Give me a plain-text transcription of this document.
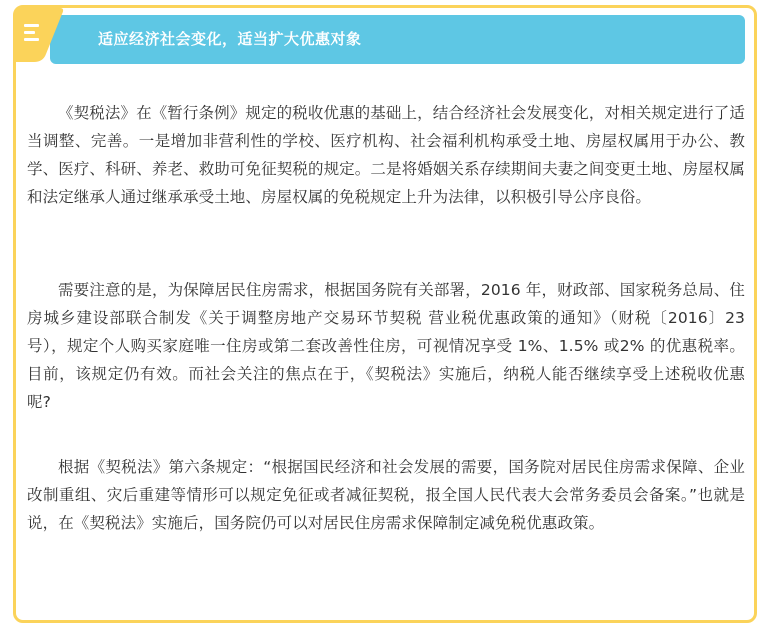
适应经济社会变化，适当扩大优惠对象

《契税法》在《暂行条例》规定的税收优惠的基础上，结合经济社会发展变化，对相关规定进行了适当调整、完善。一是增加非营利性的学校、医疗机构、社会福利机构承受土地、房屋权属用于办公、教学、医疗、科研、养老、救助可免征契税的规定。二是将婚姻关系存续期间夫妻之间变更土地、房屋权属和法定继承人通过继承承受土地、房屋权属的免税规定上升为法律，以积极引导公序良俗。

需要注意的是，为保障居民住房需求，根据国务院有关部署，2016 年，财政部、国家税务总局、住房城乡建设部联合制发《关于调整房地产交易环节契税 营业税优惠政策的通知》（财税〔2016〕23 号），规定个人购买家庭唯一住房或第二套改善性住房，可视情况享受 1%、1.5% 或2% 的优惠税率。目前，该规定仍有效。而社会关注的焦点在于，《契税法》实施后，纳税人能否继续享受上述税收优惠呢?

根据《契税法》第六条规定：“根据国民经济和社会发展的需要，国务院对居民住房需求保障、企业改制重组、灾后重建等情形可以规定免征或者减征契税，报全国人民代表大会常务委员会备案。”也就是说，在《契税法》实施后，国务院仍可以对居民住房需求保障制定减免税优惠政策。
